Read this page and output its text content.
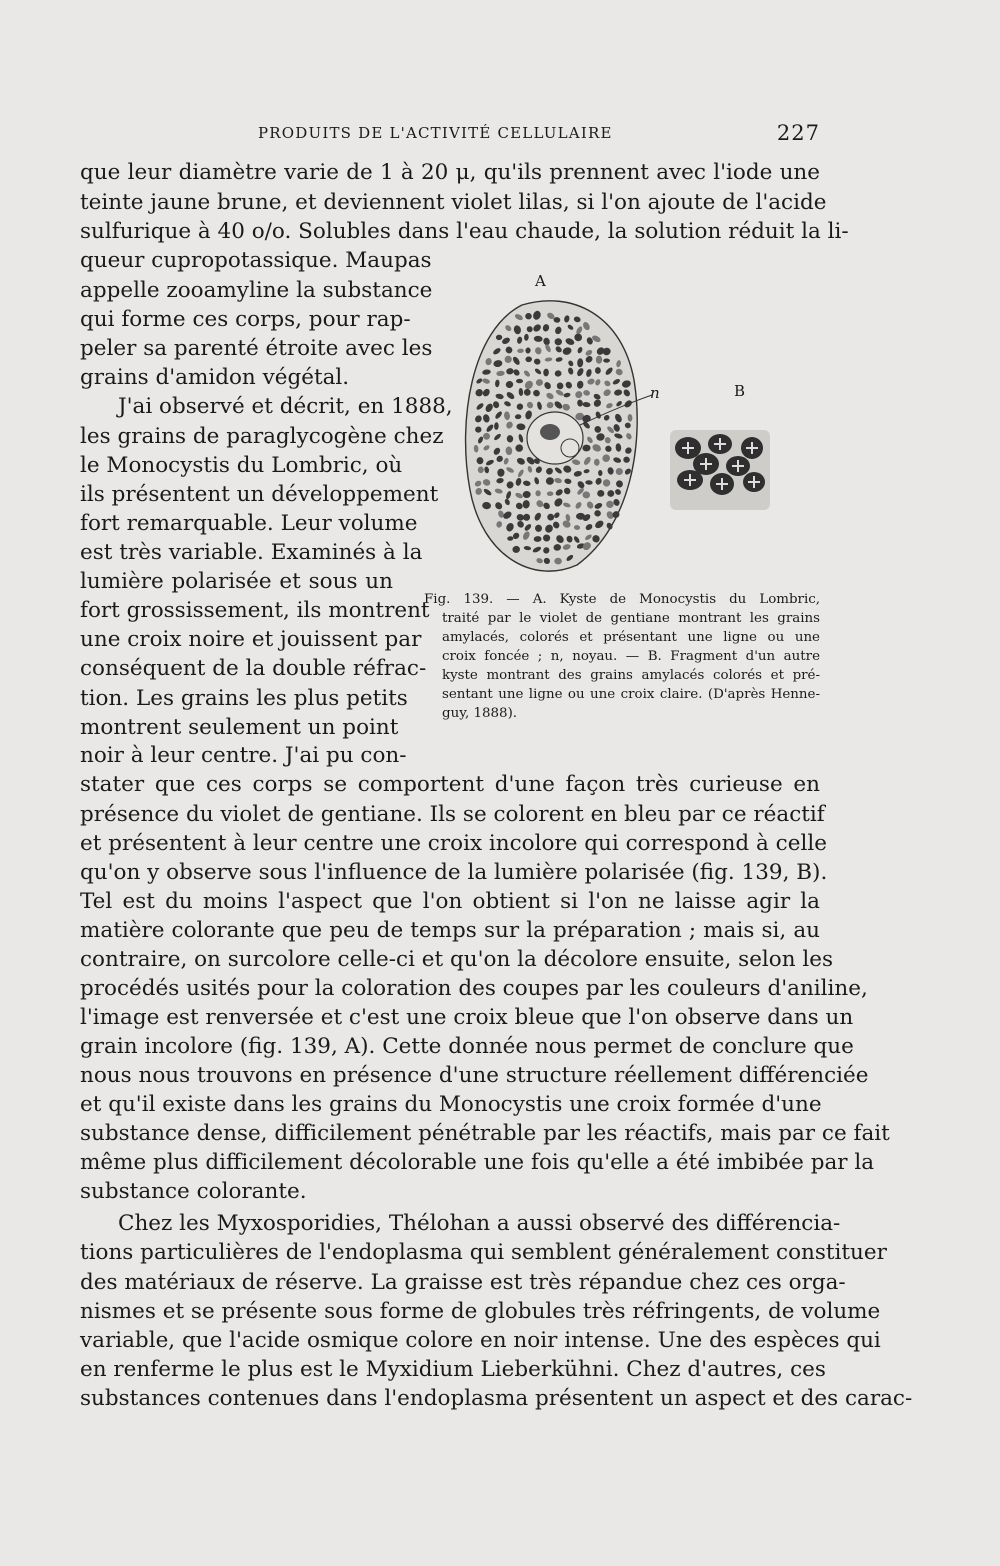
PRODUITS DE L'ACTIVITÉ CELLULAIRE	227
que leur diamètre varie de 1 à 20 μ, qu'ils prennent avec l'iode une
teinte jaune brune, et deviennent violet lilas, si l'on ajoute de l'acide
sulfurique à 40 o/o. Solubles dans l'eau chaude, la solution réduit la li-
queur cupropotassique. Maupas
appelle zooamyline la substance
qui forme ces corps, pour rap-
peler sa parenté étroite avec les
grains d'amidon végétal.
J'ai observé et décrit, en 1888,
les grains de paraglycogène chez
le Monocystis du Lombric, où
ils présentent un développement
fort remarquable. Leur volume
est très variable. Examinés à la
lumière polarisée et sous un
fort grossissement, ils montrent
une croix noire et jouissent par
conséquent de la double réfrac-
tion. Les grains les plus petits
montrent seulement un point
noir à leur centre. J'ai pu con-
stater que ces corps se comportent d'une façon très curieuse en
présence du violet de gentiane. Ils se colorent en bleu par ce réactif
et présentent à leur centre une croix incolore qui correspond à celle
qu'on y observe sous l'influence de la lumière polarisée (fig. 139, B).
Tel est du moins l'aspect que l'on obtient si l'on ne laisse agir la
matière colorante que peu de temps sur la préparation ; mais si, au
contraire, on surcolore celle-ci et qu'on la décolore ensuite, selon les
procédés usités pour la coloration des coupes par les couleurs d'aniline,
l'image est renversée et c'est une croix bleue que l'on observe dans un
grain incolore (fig. 139, A). Cette donnée nous permet de conclure que
nous nous trouvons en présence d'une structure réellement différenciée
et qu'il existe dans les grains du Monocystis une croix formée d'une
substance dense, difficilement pénétrable par les réactifs, mais par ce fait
même plus difficilement décolorable une fois qu'elle a été imbibée par la
substance colorante.
Chez les Myxosporidies, Thélohan a aussi observé des différencia-
tions particulières de l'endoplasma qui semblent généralement constituer
des matériaux de réserve. La graisse est très répandue chez ces orga-
nismes et se présente sous forme de globules très réfringents, de volume
variable, que l'acide osmique colore en noir intense. Une des espèces qui
en renferme le plus est le Myxidium Lieberkühni. Chez d'autres, ces
substances contenues dans l'endoplasma présentent un aspect et des carac-
A
n	B
Fig. 139. — A. Kyste de Monocystis du Lombric,
traité par le violet de gentiane montrant les grains
amylacés, colorés et présentant une ligne ou une
croix foncée ; n, noyau. — B. Fragment d'un autre
kyste montrant des grains amylacés colorés et pré-
sentant une ligne ou une croix claire. (D'après Henne-
guy, 1888).
